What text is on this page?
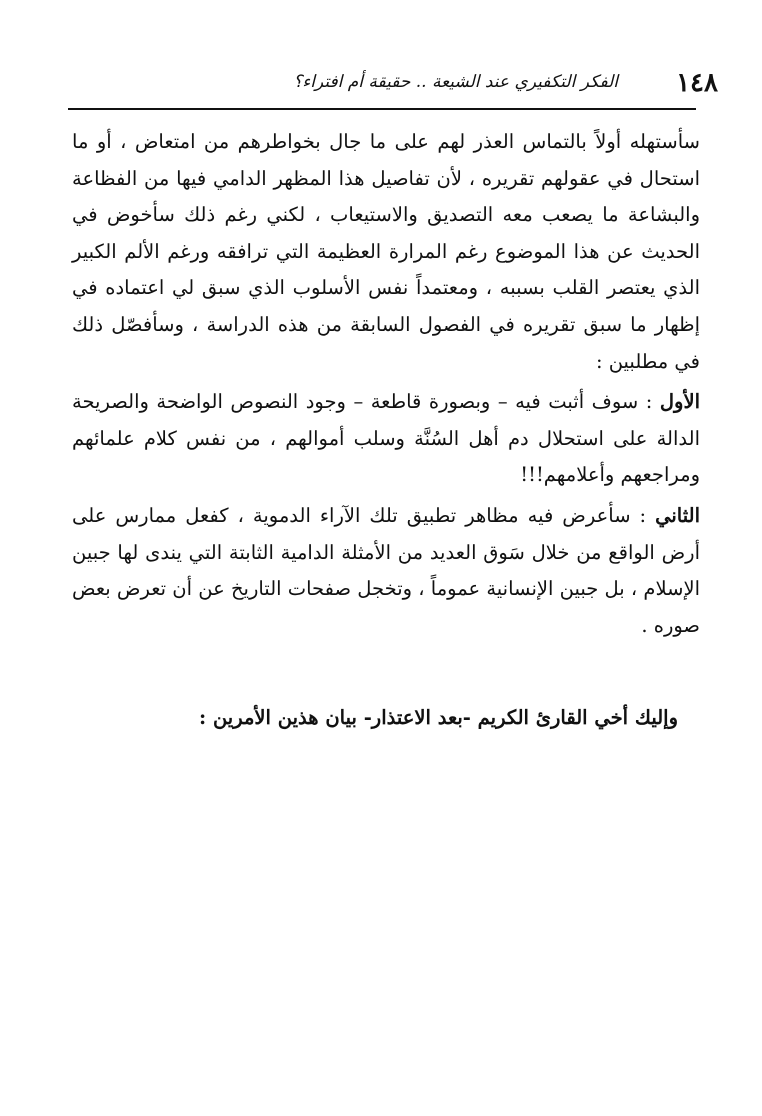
١٤٨
الفكر التكفيري عند الشيعة .. حقيقة أم افتراء؟

سأستهله أولاً بالتماس العذر لهم على ما جال بخواطرهم من امتعاض ، أو ما استحال في عقولهم تقريره ، لأن تفاصيل هذا المظهر الدامي فيها من الفظاعة والبشاعة ما يصعب معه التصديق والاستيعاب ، لكني رغم ذلك سأخوض في الحديث عن هذا الموضوع رغم المرارة العظيمة التي ترافقه ورغم الألم الكبير الذي يعتصر القلب بسببه ، ومعتمداً نفس الأسلوب الذي سبق لي اعتماده في إظهار ما سبق تقريره في الفصول السابقة من هذه الدراسة ، وسأفصّل ذلك في مطلبين :

الأول : سوف أثبت فيه – وبصورة قاطعة – وجود النصوص الواضحة والصريحة الدالة على استحلال دم أهل السُنَّة وسلب أموالهم ، من نفس كلام علمائهم ومراجعهم وأعلامهم!!!

الثاني : سأعرض فيه مظاهر تطبيق تلك الآراء الدموية ، كفعل ممارس على أرض الواقع من خلال سَوق العديد من الأمثلة الدامية الثابتة التي يندى لها جبين الإسلام ، بل جبين الإنسانية عموماً ، وتخجل صفحات التاريخ عن أن تعرض بعض صوره .

وإليك أخي القارئ الكريم -بعد الاعتذار- بيان هذين الأمرين :
